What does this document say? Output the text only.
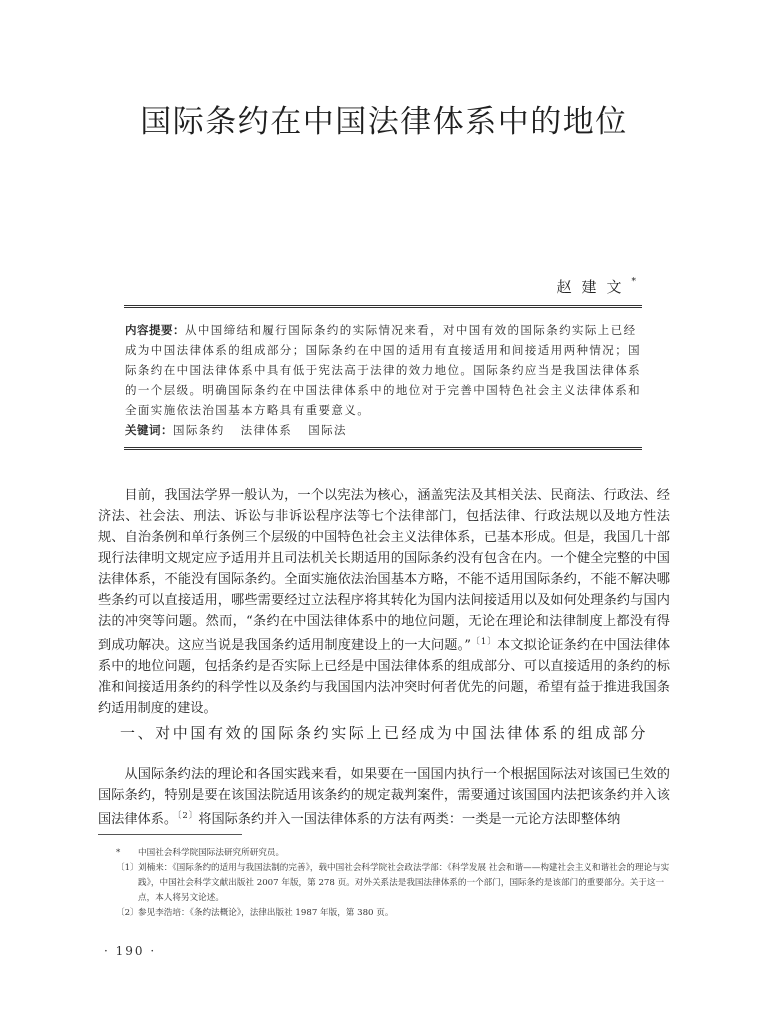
国际条约在中国法律体系中的地位
赵建文*
内容提要：从中国缔结和履行国际条约的实际情况来看，对中国有效的国际条约实际上已经成为中国法律体系的组成部分；国际条约在中国的适用有直接适用和间接适用两种情况；国际条约在中国法律体系中具有低于宪法高于法律的效力地位。国际条约应当是我国法律体系的一个层级。明确国际条约在中国法律体系中的地位对于完善中国特色社会主义法律体系和全面实施依法治国基本方略具有重要意义。
关键词：国际条约 法律体系 国际法

目前，我国法学界一般认为，一个以宪法为核心，涵盖宪法及其相关法、民商法、行政法、经济法、社会法、刑法、诉讼与非诉讼程序法等七个法律部门，包括法律、行政法规以及地方性法规、自治条例和单行条例三个层级的中国特色社会主义法律体系，已基本形成。但是，我国几十部现行法律明文规定应予适用并且司法机关长期适用的国际条约没有包含在内。一个健全完整的中国法律体系，不能没有国际条约。全面实施依法治国基本方略，不能不适用国际条约，不能不解决哪些条约可以直接适用，哪些需要经过立法程序将其转化为国内法间接适用以及如何处理条约与国内法的冲突等问题。然而，“条约在中国法律体系中的地位问题，无论在理论和法律制度上都没有得到成功解决。这应当说是我国条约适用制度建设上的一大问题。”$^{〔1〕}$本文拟论证条约在中国法律体系中的地位问题，包括条约是否实际上已经是中国法律体系的组成部分、可以直接适用的条约的标准和间接适用条约的科学性以及条约与我国国内法冲突时何者优先的问题，希望有益于推进我国条约适用制度的建设。

一、对中国有效的国际条约实际上已经成为中国法律体系的组成部分

从国际条约法的理论和各国实践来看，如果要在一国国内执行一个根据国际法对该国已生效的国际条约，特别是要在该国法院适用该条约的规定裁判案件，需要通过该国国内法把该条约并入该国法律体系。$^{〔2〕}$将国际条约并入一国法律体系的方法有两类：一类是一元论方法即整体纳

*	中国社会科学院国际法研究所研究员。
〔1〕 刘楠来：《国际条约的适用与我国法制的完善》，载中国社会科学院社会政法学部：《科学发展 社会和谐——构建社会主义和谐社会的理论与实践》，中国社会科学文献出版社 2007 年版，第 278 页。对外关系法是我国法律体系的一个部门，国际条约是该部门的重要部分。关于这一点，本人将另文论述。
〔2〕 参见李浩培：《条约法概论》，法律出版社 1987 年版，第 380 页。
· 190 ·
